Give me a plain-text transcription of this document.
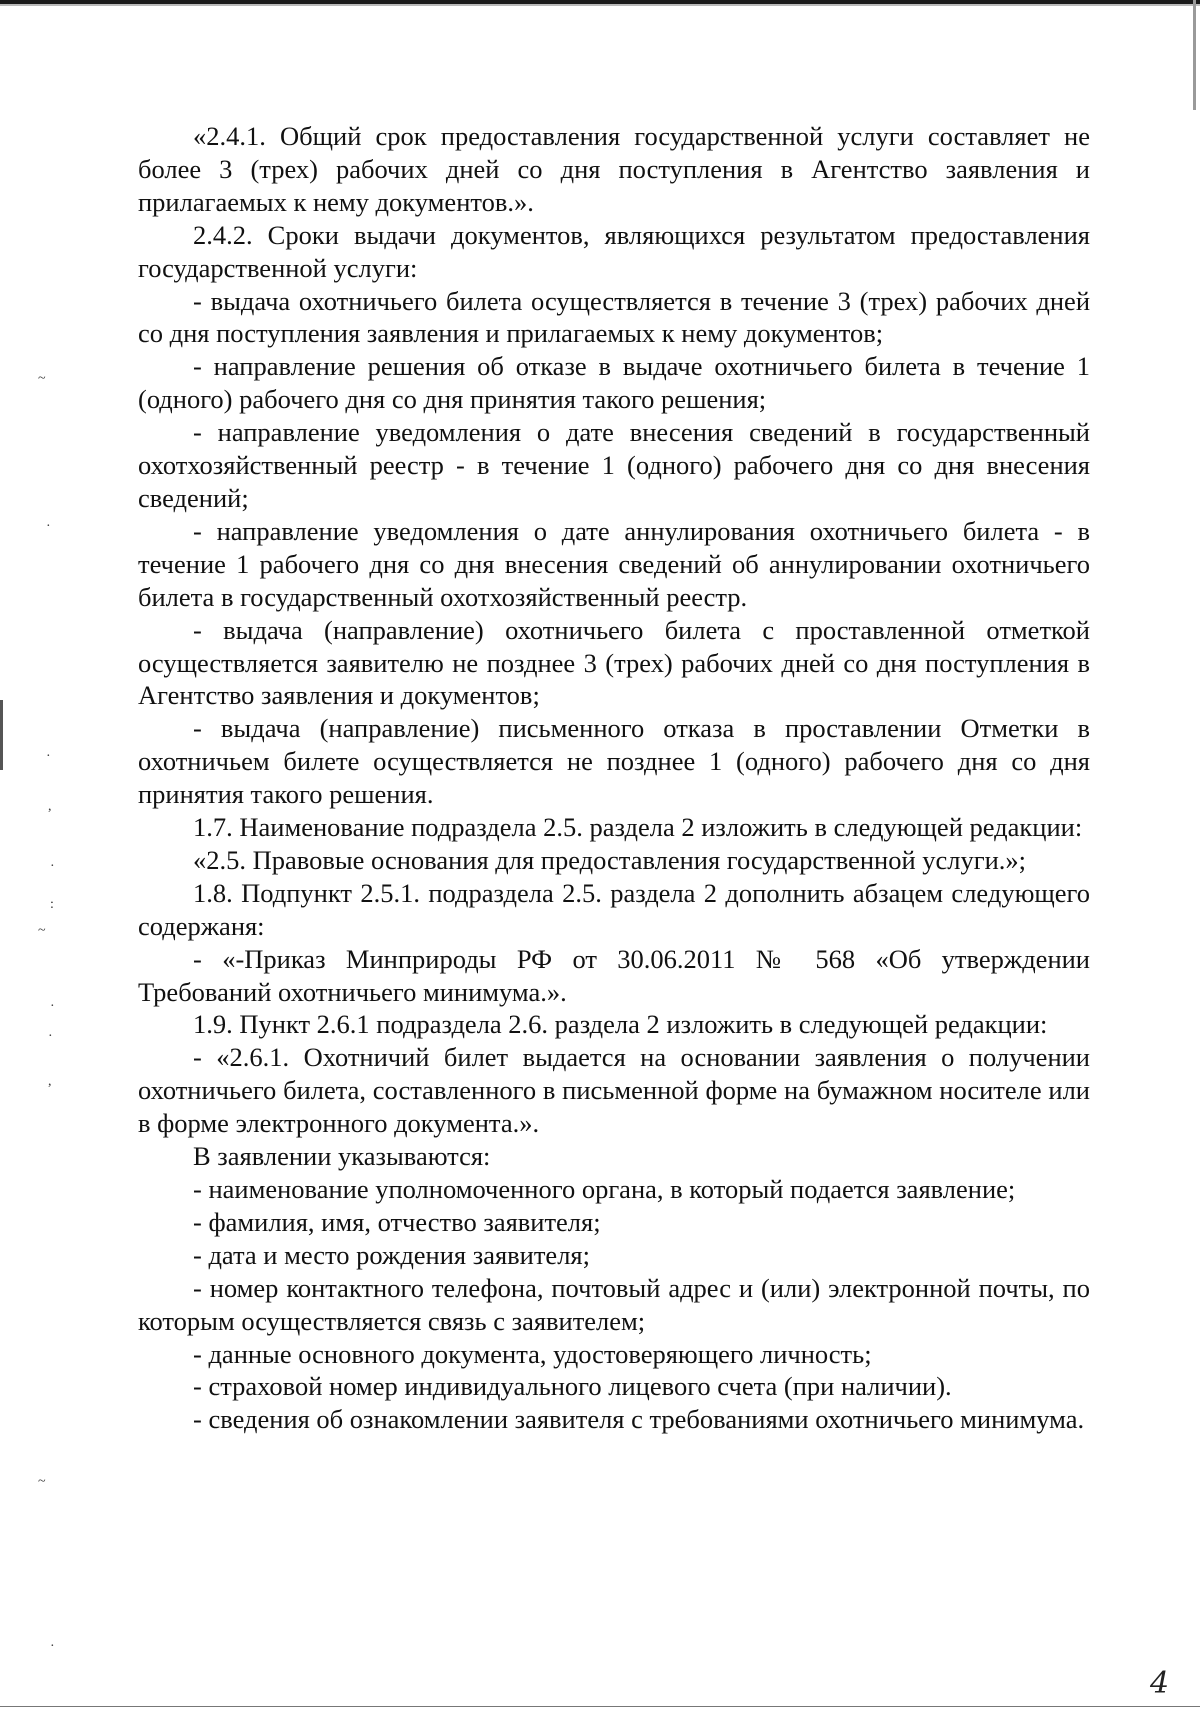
~
·
·
,
·
:
~
·
·
,
~
·

«2.4.1. Общий срок предоставления государственной услуги составляет не более 3 (трех) рабочих дней со дня поступления в Агентство заявления и прилагаемых к нему документов.».

2.4.2. Сроки выдачи документов, являющихся результатом предоставления государственной услуги:

- выдача охотничьего билета осуществляется в течение 3 (трех) рабочих дней со дня поступления заявления и прилагаемых к нему документов;

- направление решения об отказе в выдаче охотничьего билета в течение 1 (одного) рабочего дня со дня принятия такого решения;

- направление уведомления о дате внесения сведений в государственный охотхозяйственный реестр - в течение 1 (одного) рабочего дня со дня внесения сведений;

- направление уведомления о дате аннулирования охотничьего билета - в течение 1 рабочего дня со дня внесения сведений об аннулировании охотничьего билета в государственный охотхозяйственный реестр.

- выдача (направление) охотничьего билета с проставленной отметкой осуществляется заявителю не позднее 3 (трех) рабочих дней со дня поступления в Агентство заявления и документов;

- выдача (направление) письменного отказа в проставлении Отметки в охотничьем билете осуществляется не позднее 1 (одного) рабочего дня со дня принятия такого решения.

1.7. Наименование подраздела 2.5. раздела 2 изложить в следующей редакции:

«2.5. Правовые основания для предоставления государственной услуги.»;

1.8. Подпункт 2.5.1. подраздела 2.5. раздела 2 дополнить абзацем следующего содержаня:

- «-Приказ Минприроды РФ от 30.06.2011 № 568 «Об утверждении Требований охотничьего минимума.».

1.9. Пункт 2.6.1 подраздела 2.6. раздела 2 изложить в следующей редакции:

- «2.6.1. Охотничий билет выдается на основании заявления о получении охотничьего билета, составленного в письменной форме на бумажном носителе или в форме электронного документа.».

В заявлении указываются:

- наименование уполномоченного органа, в который подается заявление;

- фамилия, имя, отчество заявителя;

- дата и место рождения заявителя;

- номер контактного телефона, почтовый адрес и (или) электронной почты, по которым осуществляется связь с заявителем;

- данные основного документа, удостоверяющего личность;

- страховой номер индивидуального лицевого счета (при наличии).

- сведения об ознакомлении заявителя с требованиями охотничьего минимума.

4
